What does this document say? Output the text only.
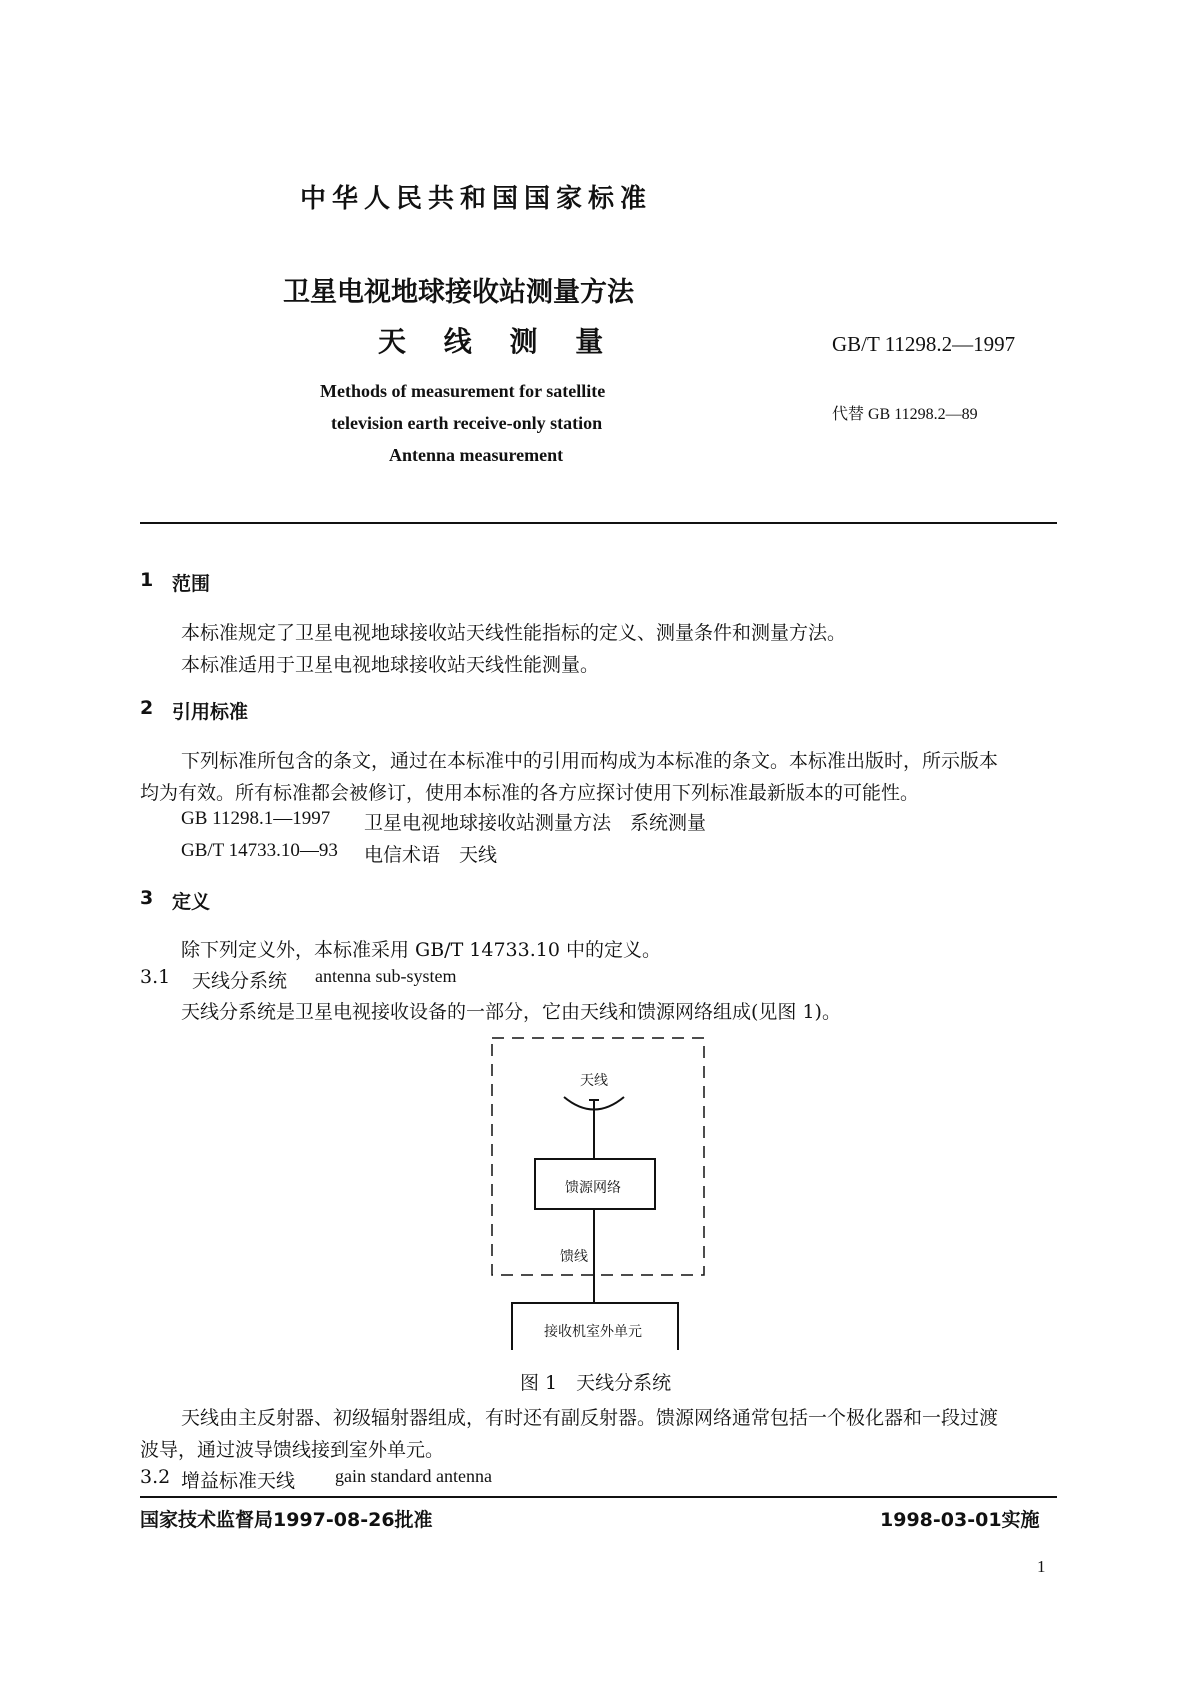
中华人民共和国国家标准
卫星电视地球接收站测量方法
天 线 测 量	GB/T 11298.2—1997
代替 GB 11298.2—89
Methods of measurement for satellite
television earth receive-only station
Antenna measurement
1 范围
本标准规定了卫星电视地球接收站天线性能指标的定义、测量条件和测量方法。
本标准适用于卫星电视地球接收站天线性能测量。
2 引用标准
下列标准所包含的条文，通过在本标准中的引用而构成为本标准的条文。本标准出版时，所示版本
均为有效。所有标准都会被修订，使用本标准的各方应探讨使用下列标准最新版本的可能性。
GB 11298.1—1997 卫星电视地球接收站测量方法　系统测量
GB/T 14733.10—93 电信术语　天线
3 定义
除下列定义外，本标准采用 GB/T 14733.10 中的定义。
3.1 天线分系统 antenna sub-system
天线分系统是卫星电视接收设备的一部分，它由天线和馈源网络组成(见图 1)。
天线
馈源网络
馈线
接收机室外单元
图 1　天线分系统
天线由主反射器、初级辐射器组成，有时还有副反射器。馈源网络通常包括一个极化器和一段过渡
波导，通过波导馈线接到室外单元。
3.2 增益标准天线 gain standard antenna
国家技术监督局1997-08-26批准	1998-03-01实施
1
